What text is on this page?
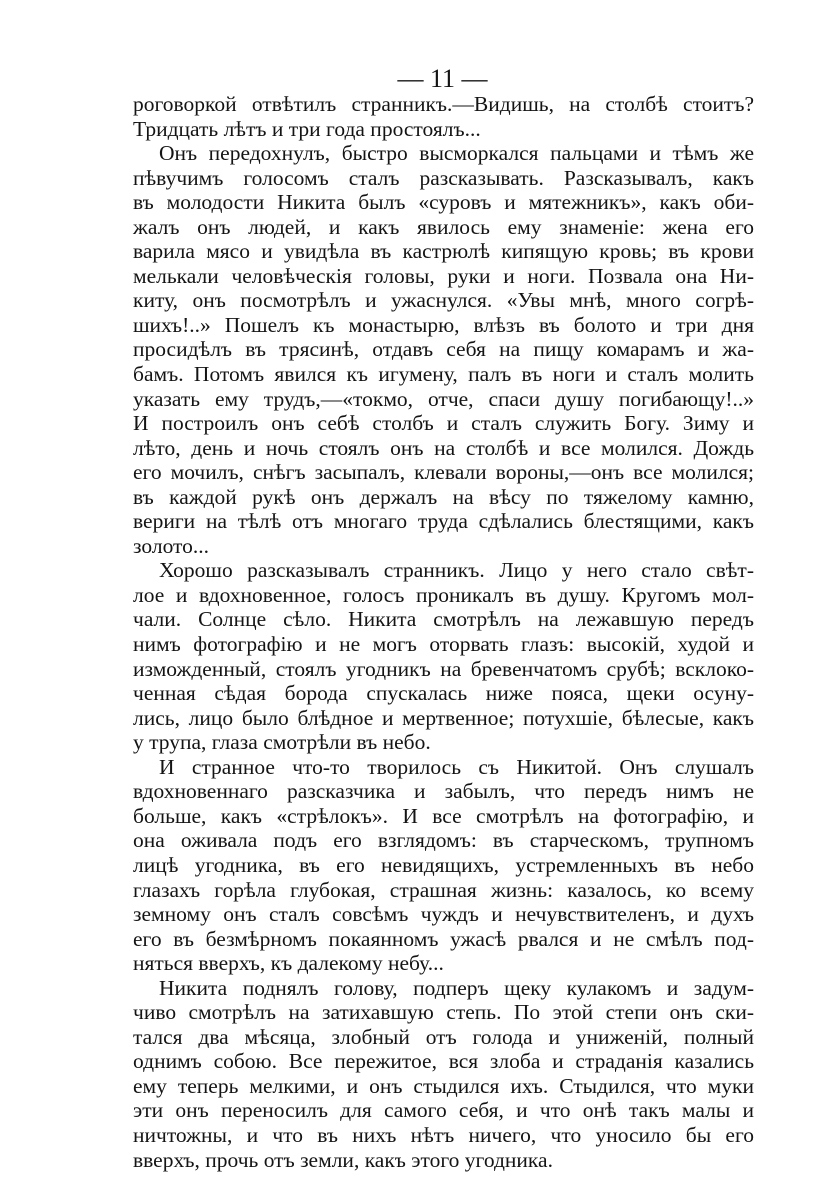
— 11 —
роговоркой отвѣтилъ странникъ.—Видишь, на столбѣ стоитъ?
Тридцать лѣтъ и три года простоялъ...
Онъ передохнулъ, быстро высморкался пальцами и тѣмъ же
пѣвучимъ голосомъ сталъ разсказывать. Разсказывалъ, какъ
въ молодости Никита былъ «суровъ и мятежникъ», какъ оби-
жалъ онъ людей, и какъ явилось ему знаменіе: жена его
варила мясо и увидѣла въ кастрюлѣ кипящую кровь; въ крови
мелькали человѣческія головы, руки и ноги. Позвала она Ни-
киту, онъ посмотрѣлъ и ужаснулся. «Увы мнѣ, много согрѣ-
шихъ!..» Пошелъ къ монастырю, влѣзъ въ болото и три дня
просидѣлъ въ трясинѣ, отдавъ себя на пищу комарамъ и жа-
бамъ. Потомъ явился къ игумену, палъ въ ноги и сталъ молить
указать ему трудъ,—«токмо, отче, спаси душу погибающу!..»
И построилъ онъ себѣ столбъ и сталъ служить Богу. Зиму и
лѣто, день и ночь стоялъ онъ на столбѣ и все молился. Дождь
его мочилъ, снѣгъ засыпалъ, клевали вороны,—онъ все молился;
въ каждой рукѣ онъ держалъ на вѣсу по тяжелому камню,
вериги на тѣлѣ отъ многаго труда сдѣлались блестящими, какъ
золото...
Хорошо разсказывалъ странникъ. Лицо у него стало свѣт-
лое и вдохновенное, голосъ проникалъ въ душу. Кругомъ мол-
чали. Солнце сѣло. Никита смотрѣлъ на лежавшую передъ
нимъ фотографію и не могъ оторвать глазъ: высокій, худой и
изможденный, стоялъ угодникъ на бревенчатомъ срубѣ; всклоко-
ченная сѣдая борода спускалась ниже пояса, щеки осуну-
лись, лицо было блѣдное и мертвенное; потухшіе, бѣлесые, какъ
у трупа, глаза смотрѣли въ небо.
И странное что-то творилось съ Никитой. Онъ слушалъ
вдохновеннаго разсказчика и забылъ, что передъ нимъ не
больше, какъ «стрѣлокъ». И все смотрѣлъ на фотографію, и
она оживала подъ его взглядомъ: въ старческомъ, трупномъ
лицѣ угодника, въ его невидящихъ, устремленныхъ въ небо
глазахъ горѣла глубокая, страшная жизнь: казалось, ко всему
земному онъ сталъ совсѣмъ чуждъ и нечувствителенъ, и духъ
его въ безмѣрномъ покаянномъ ужасѣ рвался и не смѣлъ под-
няться вверхъ, къ далекому небу...
Никита поднялъ голову, подперъ щеку кулакомъ и задум-
чиво смотрѣлъ на затихавшую степь. По этой степи онъ ски-
тался два мѣсяца, злобный отъ голода и униженій, полный
однимъ собою. Все пережитое, вся злоба и страданія казались
ему теперь мелкими, и онъ стыдился ихъ. Стыдился, что муки
эти онъ переносилъ для самого себя, и что онѣ такъ малы и
ничтожны, и что въ нихъ нѣтъ ничего, что уносило бы его
вверхъ, прочь отъ земли, какъ этого угодника.
